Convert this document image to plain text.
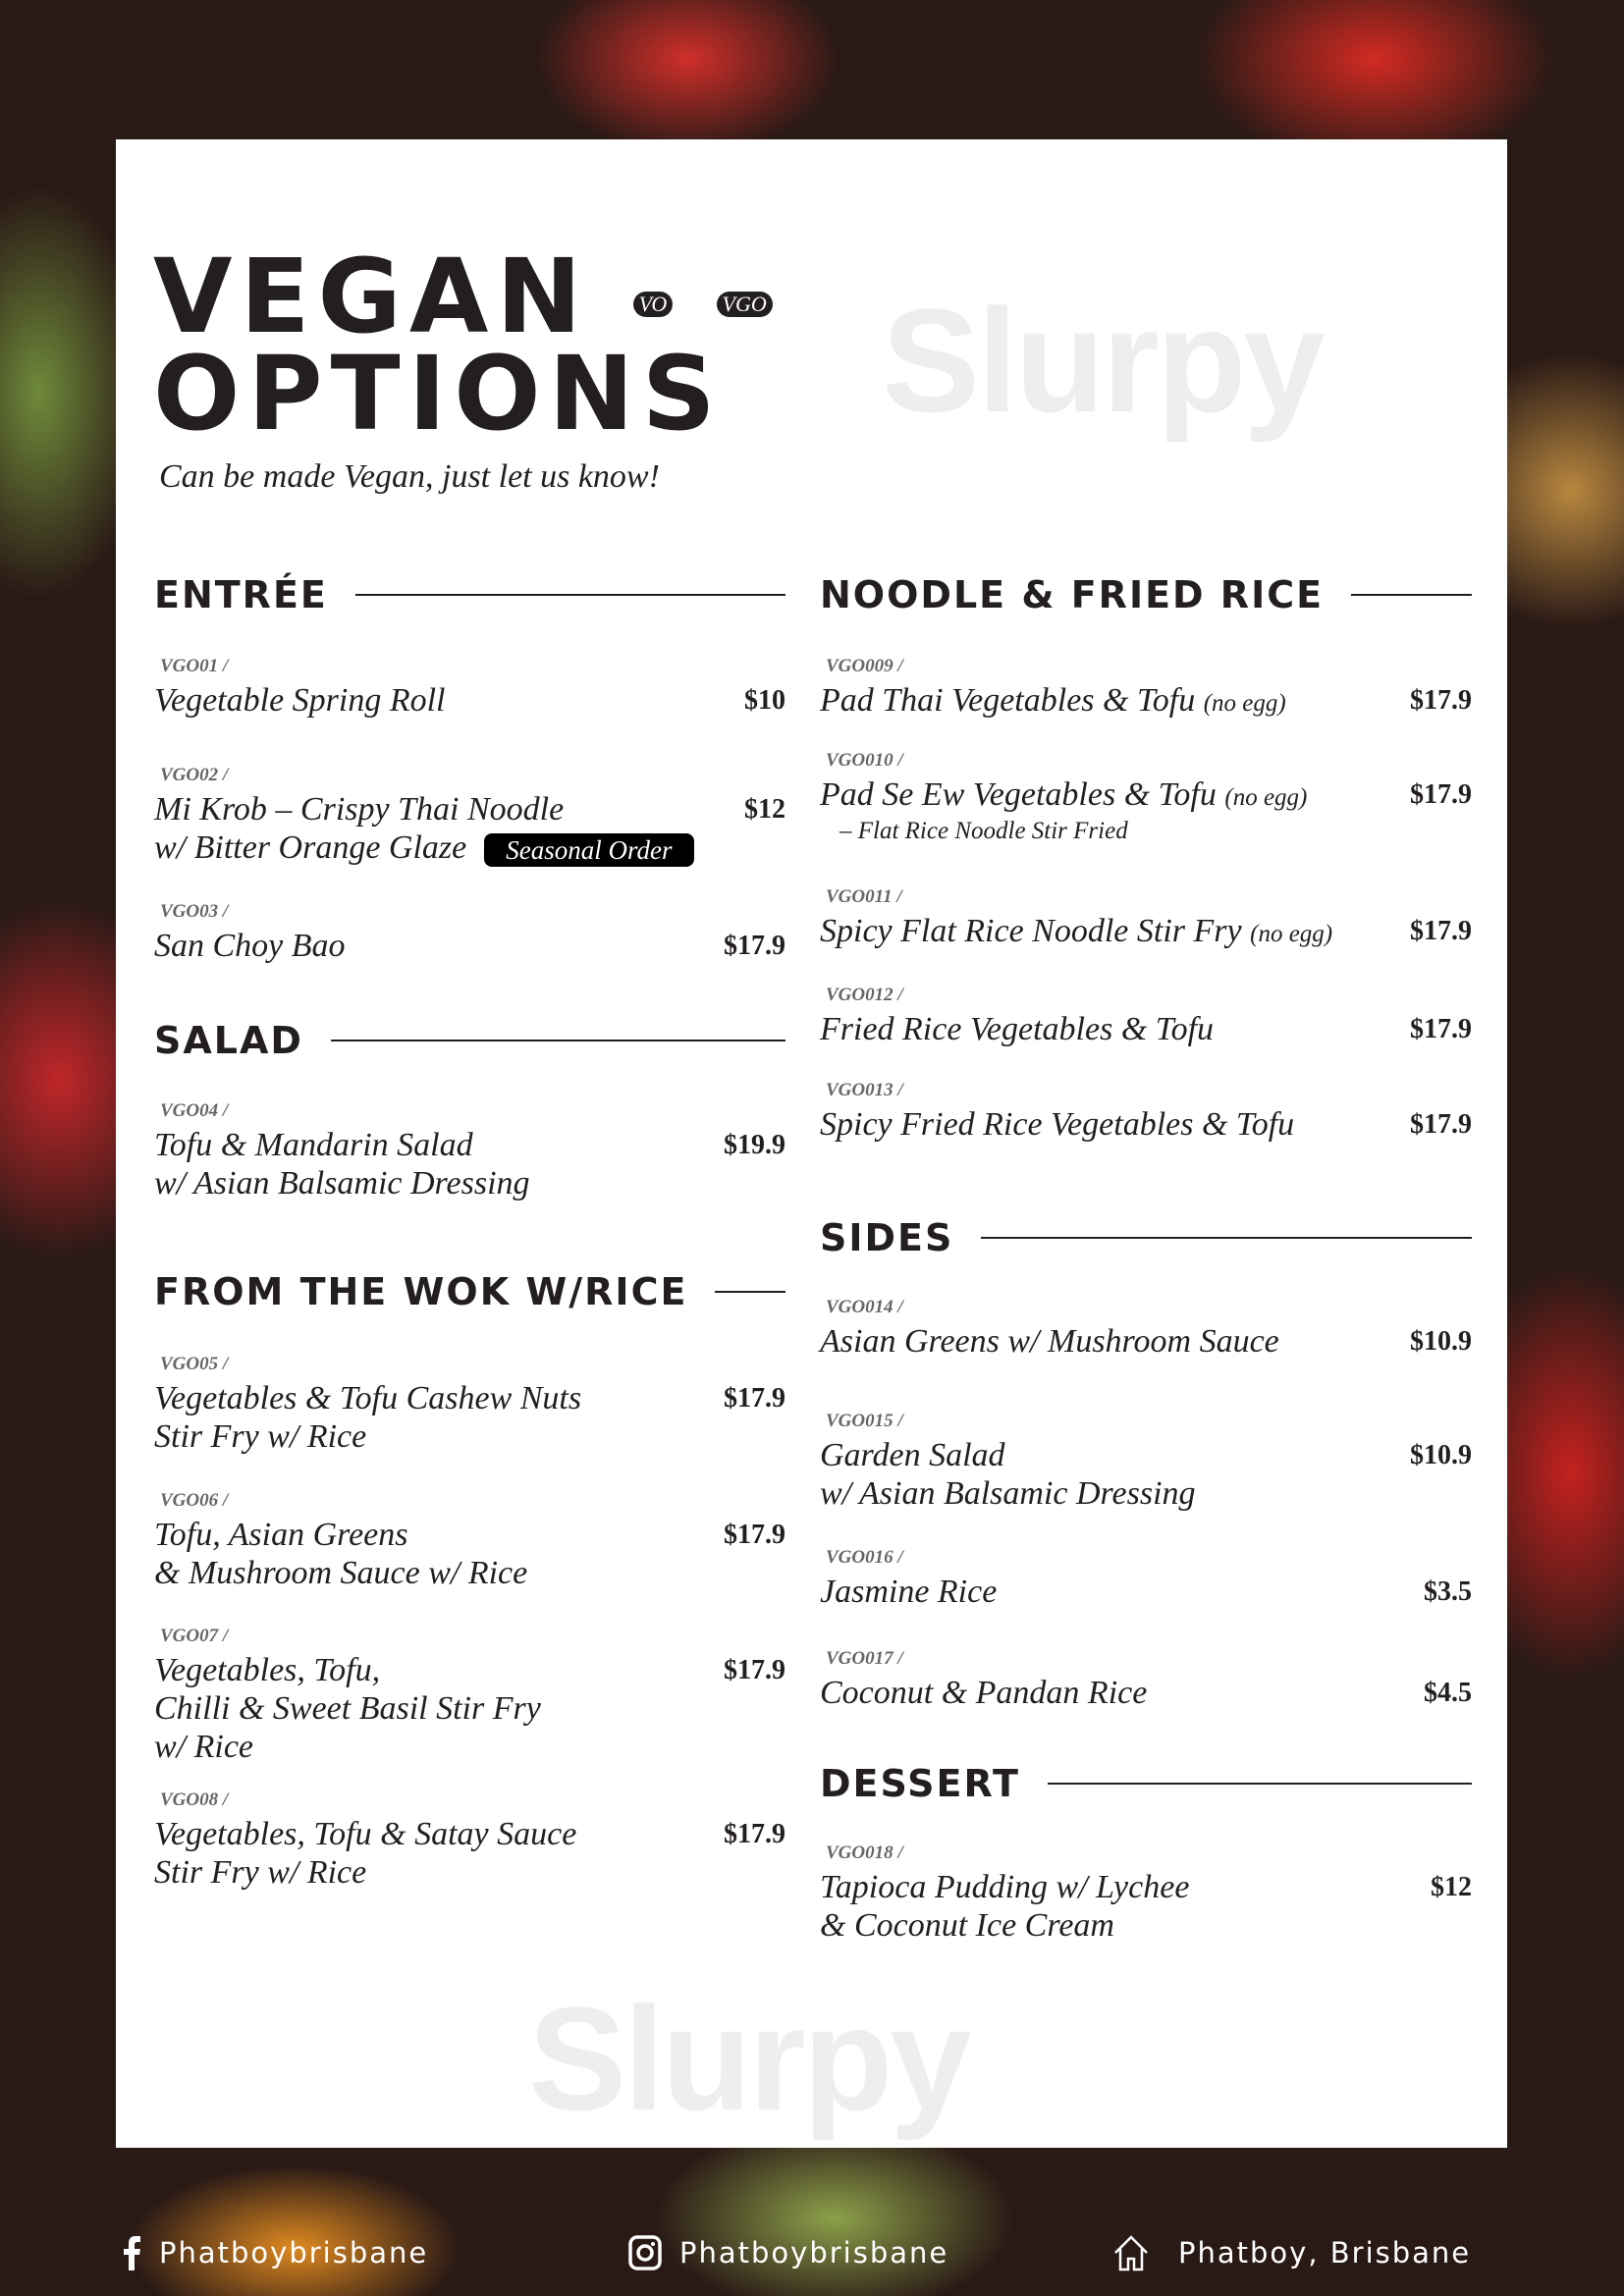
Slurpy
Slurpy
VEGAN VO	VGO
OPTIONS
Can be made Vegan, just let us know!
ENTRÉE
VGO01 /
Vegetable Spring Roll	$10
VGO02 /
Mi Krob – Crispy Thai Noodle
w/ Bitter Orange Glaze Seasonal Order
$12
VGO03 /
San Choy Bao	$17.9
SALAD
VGO04 /
Tofu & Mandarin Salad
w/ Asian Balsamic Dressing
$19.9
FROM THE WOK W/RICE
VGO05 /
Vegetables & Tofu Cashew Nuts
Stir Fry w/ Rice
$17.9
VGO06 /
Tofu, Asian Greens
& Mushroom Sauce w/ Rice
$17.9
VGO07 /
Vegetables, Tofu,
Chilli & Sweet Basil Stir Fry
w/ Rice
$17.9
VGO08 /
Vegetables, Tofu & Satay Sauce
Stir Fry w/ Rice
$17.9
NOODLE & FRIED RICE
VGO009 /
Pad Thai Vegetables & Tofu (no egg)	$17.9
VGO010 /
Pad Se Ew Vegetables & Tofu (no egg)
– Flat Rice Noodle Stir Fried
$17.9
VGO011 /
Spicy Flat Rice Noodle Stir Fry (no egg)	$17.9
VGO012 /
Fried Rice Vegetables & Tofu	$17.9
VGO013 /
Spicy Fried Rice Vegetables & Tofu	$17.9
SIDES
VGO014 /
Asian Greens w/ Mushroom Sauce	$10.9
VGO015 /
Garden Salad
w/ Asian Balsamic Dressing
$10.9
VGO016 /
Jasmine Rice	$3.5
VGO017 /
Coconut & Pandan Rice	$4.5
DESSERT
VGO018 /
Tapioca Pudding w/ Lychee
& Coconut Ice Cream
$12
Phatboybrisbane	Phatboybrisbane	Phatboy, Brisbane
